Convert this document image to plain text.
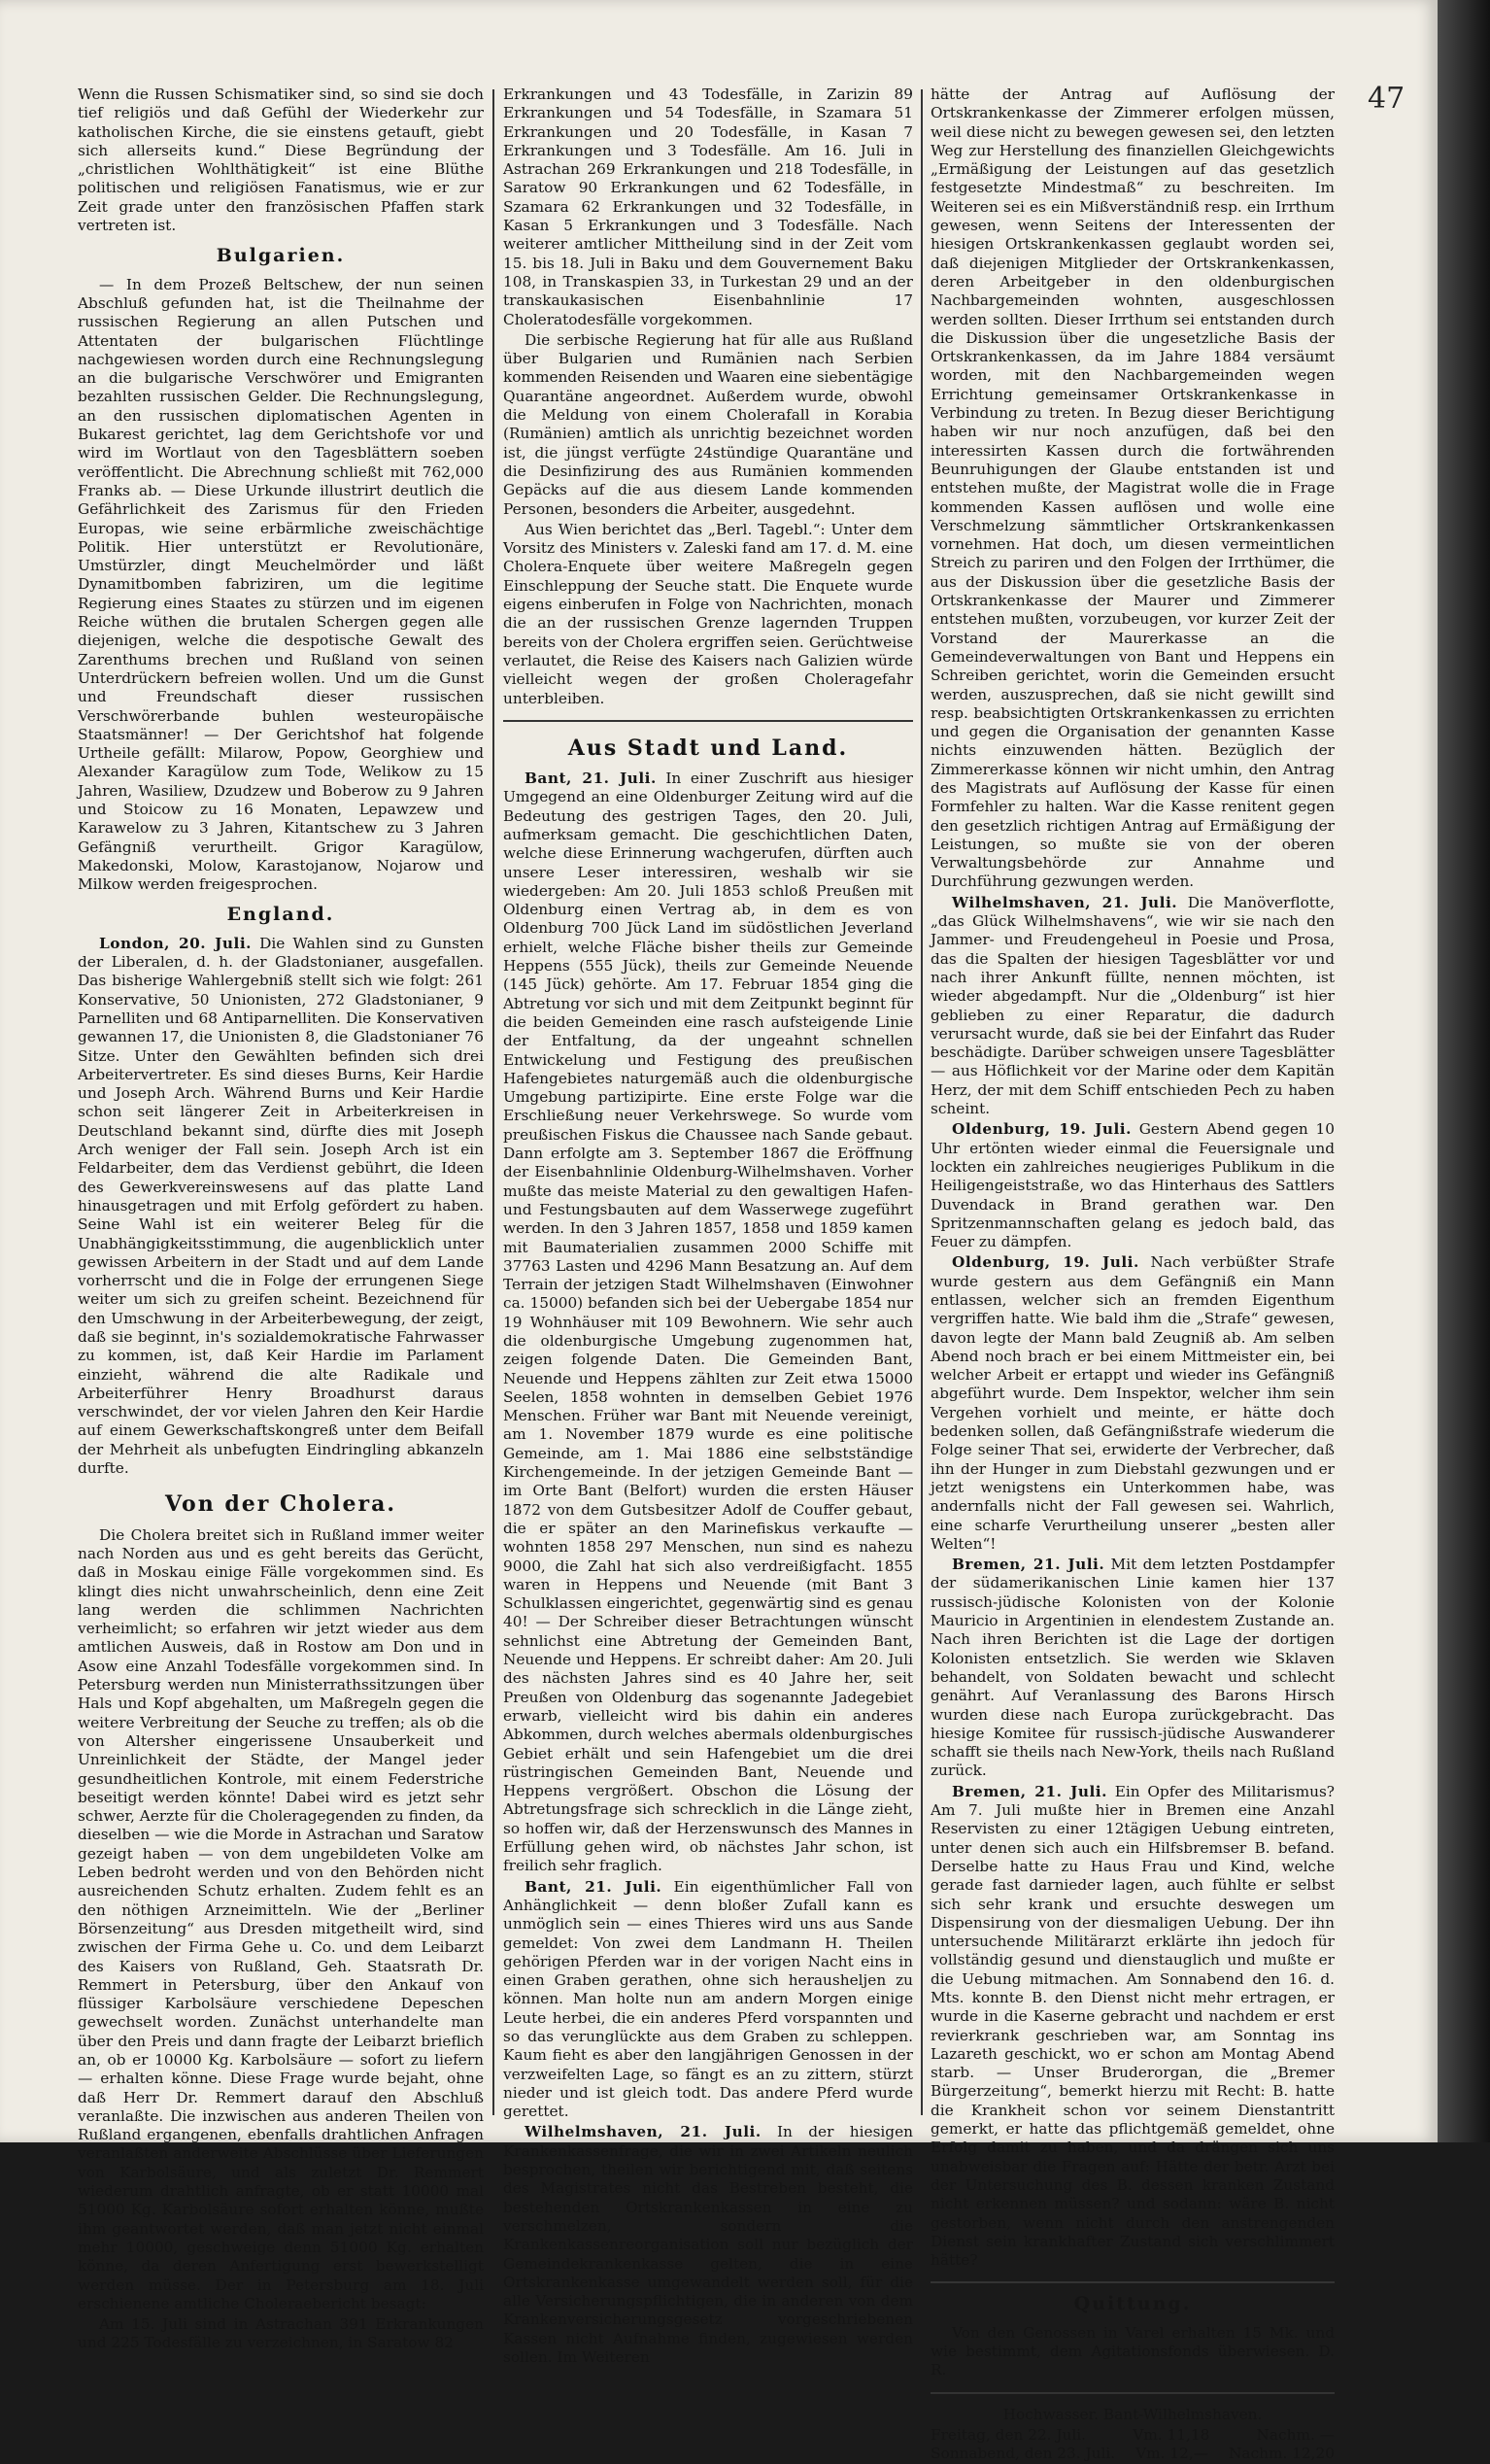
47

Wenn die Russen Schismatiker sind, so sind sie doch tief religiös und daß Gefühl der Wiederkehr zur katholischen Kirche, die sie einstens getauft, giebt sich allerseits kund.“ Diese Begründung der „christlichen Wohlthätigkeit“ ist eine Blüthe politischen und religiösen Fanatismus, wie er zur Zeit grade unter den französischen Pfaffen stark vertreten ist.

Bulgarien.

— In dem Prozeß Beltschew, der nun seinen Abschluß gefunden hat, ist die Theilnahme der russischen Regierung an allen Putschen und Attentaten der bulgarischen Flüchtlinge nachgewiesen worden durch eine Rechnungslegung an die bulgarische Verschwörer und Emigranten bezahlten russischen Gelder. Die Rechnungslegung, an den russischen diplomatischen Agenten in Bukarest gerichtet, lag dem Gerichtshofe vor und wird im Wortlaut von den Tagesblättern soeben veröffentlicht. Die Abrechnung schließt mit 762,000 Franks ab. — Diese Urkunde illustrirt deutlich die Gefährlichkeit des Zarismus für den Frieden Europas, wie seine erbärmliche zweischächtige Politik. Hier unterstützt er Revolutionäre, Umstürzler, dingt Meuchelmörder und läßt Dynamitbomben fabriziren, um die legitime Regierung eines Staates zu stürzen und im eigenen Reiche wüthen die brutalen Schergen gegen alle diejenigen, welche die despotische Gewalt des Zarenthums brechen und Rußland von seinen Unterdrückern befreien wollen. Und um die Gunst und Freundschaft dieser russischen Verschwörerbande buhlen westeuropäische Staatsmänner! — Der Gerichtshof hat folgende Urtheile gefällt: Milarow, Popow, Georghiew und Alexander Karagülow zum Tode, Welikow zu 15 Jahren, Wasiliew, Dzudzew und Boberow zu 9 Jahren und Stoicow zu 16 Monaten, Lepawzew und Karawelow zu 3 Jahren, Kitantschew zu 3 Jahren Gefängniß verurtheilt. Grigor Karagülow, Makedonski, Molow, Karastojanow, Nojarow und Milkow werden freigesprochen.

England.

London, 20. Juli. Die Wahlen sind zu Gunsten der Liberalen, d. h. der Gladstonianer, ausgefallen. Das bisherige Wahlergebniß stellt sich wie folgt: 261 Konservative, 50 Unionisten, 272 Gladstonianer, 9 Parnelliten und 68 Antiparnelliten. Die Konservativen gewannen 17, die Unionisten 8, die Gladstonianer 76 Sitze. Unter den Gewählten befinden sich drei Arbeitervertreter. Es sind dieses Burns, Keir Hardie und Joseph Arch. Während Burns und Keir Hardie schon seit längerer Zeit in Arbeiterkreisen in Deutschland bekannt sind, dürfte dies mit Joseph Arch weniger der Fall sein. Joseph Arch ist ein Feldarbeiter, dem das Verdienst gebührt, die Ideen des Gewerkvereinswesens auf das platte Land hinausgetragen und mit Erfolg gefördert zu haben. Seine Wahl ist ein weiterer Beleg für die Unabhängigkeitsstimmung, die augenblicklich unter gewissen Arbeitern in der Stadt und auf dem Lande vorherrscht und die in Folge der errungenen Siege weiter um sich zu greifen scheint. Bezeichnend für den Umschwung in der Arbeiterbewegung, der zeigt, daß sie beginnt, in's sozialdemokratische Fahrwasser zu kommen, ist, daß Keir Hardie im Parlament einzieht, während die alte Radikale und Arbeiterführer Henry Broadhurst daraus verschwindet, der vor vielen Jahren den Keir Hardie auf einem Gewerkschaftskongreß unter dem Beifall der Mehrheit als unbefugten Eindringling abkanzeln durfte.

Von der Cholera.

Die Cholera breitet sich in Rußland immer weiter nach Norden aus und es geht bereits das Gerücht, daß in Moskau einige Fälle vorgekommen sind. Es klingt dies nicht unwahrscheinlich, denn eine Zeit lang werden die schlimmen Nachrichten verheimlicht; so erfahren wir jetzt wieder aus dem amtlichen Ausweis, daß in Rostow am Don und in Asow eine Anzahl Todesfälle vorgekommen sind. In Petersburg werden nun Ministerrathssitzungen über Hals und Kopf abgehalten, um Maßregeln gegen die weitere Verbreitung der Seuche zu treffen; als ob die von Altersher eingerissene Unsauberkeit und Unreinlichkeit der Städte, der Mangel jeder gesundheitlichen Kontrole, mit einem Federstriche beseitigt werden könnte! Dabei wird es jetzt sehr schwer, Aerzte für die Choleragegenden zu finden, da dieselben — wie die Morde in Astrachan und Saratow gezeigt haben — von dem ungebildeten Volke am Leben bedroht werden und von den Behörden nicht ausreichenden Schutz erhalten. Zudem fehlt es an den nöthigen Arzneimitteln. Wie der „Berliner Börsenzeitung“ aus Dresden mitgetheilt wird, sind zwischen der Firma Gehe u. Co. und dem Leibarzt des Kaisers von Rußland, Geh. Staatsrath Dr. Remmert in Petersburg, über den Ankauf von flüssiger Karbolsäure verschiedene Depeschen gewechselt worden. Zunächst unterhandelte man über den Preis und dann fragte der Leibarzt brieflich an, ob er 10000 Kg. Karbolsäure — sofort zu liefern — erhalten könne. Diese Frage wurde bejaht, ohne daß Herr Dr. Remmert darauf den Abschluß veranlaßte. Die inzwischen aus anderen Theilen von Rußland ergangenen, ebenfalls drahtlichen Anfragen veranlaßten anderweite Abschlüsse über Lieferungen von Karbolsäure, und als zuletzt Dr. Remmert wiederum drahtlich anfragte, ob er statt 10000 mal 51000 Kg. Karbolsäure sofort erhalten könne, mußte ihm geantwortet werden, daß man jetzt nicht einmal mehr 10000, geschweige denn 51000 Kg. erhalten könne, da deren Anfertigung erst bewerkstelligt werden müsse. Der in Petersburg am 18. Juli erschienene amtliche Choleraebericht besagt:

Am 15. Juli sind in Astrachan 391 Erkrankungen und 225 Todesfälle zu verzeichnen, in Saratow 82

Erkrankungen und 43 Todesfälle, in Zarizin 89 Erkrankungen und 54 Todesfälle, in Szamara 51 Erkrankungen und 20 Todesfälle, in Kasan 7 Erkrankungen und 3 Todesfälle. Am 16. Juli in Astrachan 269 Erkrankungen und 218 Todesfälle, in Saratow 90 Erkrankungen und 62 Todesfälle, in Szamara 62 Erkrankungen und 32 Todesfälle, in Kasan 5 Erkrankungen und 3 Todesfälle. Nach weiterer amtlicher Mittheilung sind in der Zeit vom 15. bis 18. Juli in Baku und dem Gouvernement Baku 108, in Transkaspien 33, in Turkestan 29 und an der transkaukasischen Eisenbahnlinie 17 Choleratodesfälle vorgekommen.

Die serbische Regierung hat für alle aus Rußland über Bulgarien und Rumänien nach Serbien kommenden Reisenden und Waaren eine siebentägige Quarantäne angeordnet. Außerdem wurde, obwohl die Meldung von einem Cholerafall in Korabia (Rumänien) amtlich als unrichtig bezeichnet worden ist, die jüngst verfügte 24stündige Quarantäne und die Desinfizirung des aus Rumänien kommenden Gepäcks auf die aus diesem Lande kommenden Personen, besonders die Arbeiter, ausgedehnt.

Aus Wien berichtet das „Berl. Tagebl.“: Unter dem Vorsitz des Ministers v. Zaleski fand am 17. d. M. eine Cholera-Enquete über weitere Maßregeln gegen Einschleppung der Seuche statt. Die Enquete wurde eigens einberufen in Folge von Nachrichten, monach die an der russischen Grenze lagernden Truppen bereits von der Cholera ergriffen seien. Gerüchtweise verlautet, die Reise des Kaisers nach Galizien würde vielleicht wegen der großen Choleragefahr unterbleiben.

Aus Stadt und Land.

Bant, 21. Juli. In einer Zuschrift aus hiesiger Umgegend an eine Oldenburger Zeitung wird auf die Bedeutung des gestrigen Tages, den 20. Juli, aufmerksam gemacht. Die geschichtlichen Daten, welche diese Erinnerung wachgerufen, dürften auch unsere Leser interessiren, weshalb wir sie wiedergeben: Am 20. Juli 1853 schloß Preußen mit Oldenburg einen Vertrag ab, in dem es von Oldenburg 700 Jück Land im südöstlichen Jeverland erhielt, welche Fläche bisher theils zur Gemeinde Heppens (555 Jück), theils zur Gemeinde Neuende (145 Jück) gehörte. Am 17. Februar 1854 ging die Abtretung vor sich und mit dem Zeitpunkt beginnt für die beiden Gemeinden eine rasch aufsteigende Linie der Entfaltung, da der ungeahnt schnellen Entwickelung und Festigung des preußischen Hafengebietes naturgemäß auch die oldenburgische Umgebung partizipirte. Eine erste Folge war die Erschließung neuer Verkehrswege. So wurde vom preußischen Fiskus die Chaussee nach Sande gebaut. Dann erfolgte am 3. September 1867 die Eröffnung der Eisenbahnlinie Oldenburg-Wilhelmshaven. Vorher mußte das meiste Material zu den gewaltigen Hafen- und Festungsbauten auf dem Wasserwege zugeführt werden. In den 3 Jahren 1857, 1858 und 1859 kamen mit Baumaterialien zusammen 2000 Schiffe mit 37763 Lasten und 4296 Mann Besatzung an. Auf dem Terrain der jetzigen Stadt Wilhelmshaven (Einwohner ca. 15000) befanden sich bei der Uebergabe 1854 nur 19 Wohnhäuser mit 109 Bewohnern. Wie sehr auch die oldenburgische Umgebung zugenommen hat, zeigen folgende Daten. Die Gemeinden Bant, Neuende und Heppens zählten zur Zeit etwa 15000 Seelen, 1858 wohnten in demselben Gebiet 1976 Menschen. Früher war Bant mit Neuende vereinigt, am 1. November 1879 wurde es eine politische Gemeinde, am 1. Mai 1886 eine selbstständige Kirchengemeinde. In der jetzigen Gemeinde Bant — im Orte Bant (Belfort) wurden die ersten Häuser 1872 von dem Gutsbesitzer Adolf de Couffer gebaut, die er später an den Marinefiskus verkaufte — wohnten 1858 297 Menschen, nun sind es nahezu 9000, die Zahl hat sich also verdreißigfacht. 1855 waren in Heppens und Neuende (mit Bant 3 Schulklassen eingerichtet, gegenwärtig sind es genau 40! — Der Schreiber dieser Betrachtungen wünscht sehnlichst eine Abtretung der Gemeinden Bant, Neuende und Heppens. Er schreibt daher: Am 20. Juli des nächsten Jahres sind es 40 Jahre her, seit Preußen von Oldenburg das sogenannte Jadegebiet erwarb, vielleicht wird bis dahin ein anderes Abkommen, durch welches abermals oldenburgisches Gebiet erhält und sein Hafengebiet um die drei rüstringischen Gemeinden Bant, Neuende und Heppens vergrößert. Obschon die Lösung der Abtretungsfrage sich schrecklich in die Länge zieht, so hoffen wir, daß der Herzenswunsch des Mannes in Erfüllung gehen wird, ob nächstes Jahr schon, ist freilich sehr fraglich.

Bant, 21. Juli. Ein eigenthümlicher Fall von Anhänglichkeit — denn bloßer Zufall kann es unmöglich sein — eines Thieres wird uns aus Sande gemeldet: Von zwei dem Landmann H. Theilen gehörigen Pferden war in der vorigen Nacht eins in einen Graben gerathen, ohne sich herausheljen zu können. Man holte nun am andern Morgen einige Leute herbei, die ein anderes Pferd vorspannten und so das verunglückte aus dem Graben zu schleppen. Kaum fieht es aber den langjährigen Genossen in der verzweifelten Lage, so fängt es an zu zittern, stürzt nieder und ist gleich todt. Das andere Pferd wurde gerettet.

Wilhelmshaven, 21. Juli. In der hiesigen Krankenkassenfrage, die wir in zwei Artikeln neulich besprochen, theilen wir berichtigend mit, daß seitens des Magistrates nicht das Bestreben besteht, die bestehenden Ortskrankenkassen in eine zu verschmelzen, sondern die Krankenkassenreorganisation soll nur bezüglich der Gemeindekrankenkasse gelten, die in eine Ortskrankenkasse umgewandelt werden soll, für die alle Versicherungspflichtigen, die in anderen von dem Krankenversicherungsgesetz vorgeschriebenen Kassen nicht Aufnahme finden, zugewiesen werden sollen. Im Weiteren

hätte der Antrag auf Auflösung der Ortskrankenkasse der Zimmerer erfolgen müssen, weil diese nicht zu bewegen gewesen sei, den letzten Weg zur Herstellung des finanziellen Gleichgewichts „Ermäßigung der Leistungen auf das gesetzlich festgesetzte Mindestmaß“ zu beschreiten. Im Weiteren sei es ein Mißverständniß resp. ein Irrthum gewesen, wenn Seitens der Interessenten der hiesigen Ortskrankenkassen geglaubt worden sei, daß diejenigen Mitglieder der Ortskrankenkassen, deren Arbeitgeber in den oldenburgischen Nachbargemeinden wohnten, ausgeschlossen werden sollten. Dieser Irrthum sei entstanden durch die Diskussion über die ungesetzliche Basis der Ortskrankenkassen, da im Jahre 1884 versäumt worden, mit den Nachbargemeinden wegen Errichtung gemeinsamer Ortskrankenkasse in Verbindung zu treten. In Bezug dieser Berichtigung haben wir nur noch anzufügen, daß bei den interessirten Kassen durch die fortwährenden Beunruhigungen der Glaube entstanden ist und entstehen mußte, der Magistrat wolle die in Frage kommenden Kassen auflösen und wolle eine Verschmelzung sämmtlicher Ortskrankenkassen vornehmen. Hat doch, um diesen vermeintlichen Streich zu pariren und den Folgen der Irrthümer, die aus der Diskussion über die gesetzliche Basis der Ortskrankenkasse der Maurer und Zimmerer entstehen mußten, vorzubeugen, vor kurzer Zeit der Vorstand der Maurerkasse an die Gemeindeverwaltungen von Bant und Heppens ein Schreiben gerichtet, worin die Gemeinden ersucht werden, auszusprechen, daß sie nicht gewillt sind resp. beabsichtigten Ortskrankenkassen zu errichten und gegen die Organisation der genannten Kasse nichts einzuwenden hätten. Bezüglich der Zimmererkasse können wir nicht umhin, den Antrag des Magistrats auf Auflösung der Kasse für einen Formfehler zu halten. War die Kasse renitent gegen den gesetzlich richtigen Antrag auf Ermäßigung der Leistungen, so mußte sie von der oberen Verwaltungsbehörde zur Annahme und Durchführung gezwungen werden.

Wilhelmshaven, 21. Juli. Die Manöverflotte, „das Glück Wilhelmshavens“, wie wir sie nach den Jammer- und Freudengeheul in Poesie und Prosa, das die Spalten der hiesigen Tagesblätter vor und nach ihrer Ankunft füllte, nennen möchten, ist wieder abgedampft. Nur die „Oldenburg“ ist hier geblieben zu einer Reparatur, die dadurch verursacht wurde, daß sie bei der Einfahrt das Ruder beschädigte. Darüber schweigen unsere Tagesblätter — aus Höflichkeit vor der Marine oder dem Kapitän Herz, der mit dem Schiff entschieden Pech zu haben scheint.

Oldenburg, 19. Juli. Gestern Abend gegen 10 Uhr ertönten wieder einmal die Feuersignale und lockten ein zahlreiches neugieriges Publikum in die Heiligengeiststraße, wo das Hinterhaus des Sattlers Duvendack in Brand gerathen war. Den Spritzenmannschaften gelang es jedoch bald, das Feuer zu dämpfen.

Oldenburg, 19. Juli. Nach verbüßter Strafe wurde gestern aus dem Gefängniß ein Mann entlassen, welcher sich an fremden Eigenthum vergriffen hatte. Wie bald ihm die „Strafe“ gewesen, davon legte der Mann bald Zeugniß ab. Am selben Abend noch brach er bei einem Mittmeister ein, bei welcher Arbeit er ertappt und wieder ins Gefängniß abgeführt wurde. Dem Inspektor, welcher ihm sein Vergehen vorhielt und meinte, er hätte doch bedenken sollen, daß Gefängnißstrafe wiederum die Folge seiner That sei, erwiderte der Verbrecher, daß ihn der Hunger in zum Diebstahl gezwungen und er jetzt wenigstens ein Unterkommen habe, was andernfalls nicht der Fall gewesen sei. Wahrlich, eine scharfe Verurtheilung unserer „besten aller Welten“!

Bremen, 21. Juli. Mit dem letzten Postdampfer der südamerikanischen Linie kamen hier 137 russisch-jüdische Kolonisten von der Kolonie Mauricio in Argentinien in elendestem Zustande an. Nach ihren Berichten ist die Lage der dortigen Kolonisten entsetzlich. Sie werden wie Sklaven behandelt, von Soldaten bewacht und schlecht genährt. Auf Veranlassung des Barons Hirsch wurden diese nach Europa zurückgebracht. Das hiesige Komitee für russisch-jüdische Auswanderer schafft sie theils nach New-York, theils nach Rußland zurück.

Bremen, 21. Juli. Ein Opfer des Militarismus? Am 7. Juli mußte hier in Bremen eine Anzahl Reservisten zu einer 12tägigen Uebung eintreten, unter denen sich auch ein Hilfsbremser B. befand. Derselbe hatte zu Haus Frau und Kind, welche gerade fast darnieder lagen, auch fühlte er selbst sich sehr krank und ersuchte deswegen um Dispensirung von der diesmaligen Uebung. Der ihn untersuchende Militärarzt erklärte ihn jedoch für vollständig gesund und dienstauglich und mußte er die Uebung mitmachen. Am Sonnabend den 16. d. Mts. konnte B. den Dienst nicht mehr ertragen, er wurde in die Kaserne gebracht und nachdem er erst revierkrank geschrieben war, am Sonntag ins Lazareth geschickt, wo er schon am Montag Abend starb. — Unser Bruderorgan, die „Bremer Bürgerzeitung“, bemerkt hierzu mit Recht: B. hatte die Krankheit schon vor seinem Dienstantritt gemerkt, er hatte das pflichtgemäß gemeldet, ohne Erfolg damit zu haben, und da drängen sich uns unabweisbar die Fragen auf: Hätte der betr. Arzt bei der Untersuchung des B. dessen kranken Zustand nicht erkennen müssen? und sodann: wäre B. nicht gestorben, wenn nicht durch den anstrengenden Dienst sein krankhafter Zustand sich verschlimmert hätte?

Quittung.

Von den Genossen in Varel erhalten 15 Mk. und wie bestimmt, dem Agitationsfonds überwiesen. D. R.

Hochwasser. Bant-Wilhelmshaven.

Freitag, den 22. Juli.	Vm. 11,18	Nachm. —
Sonnabend, den 23. Juli. Vm. 12,— Nachm. 12,20
